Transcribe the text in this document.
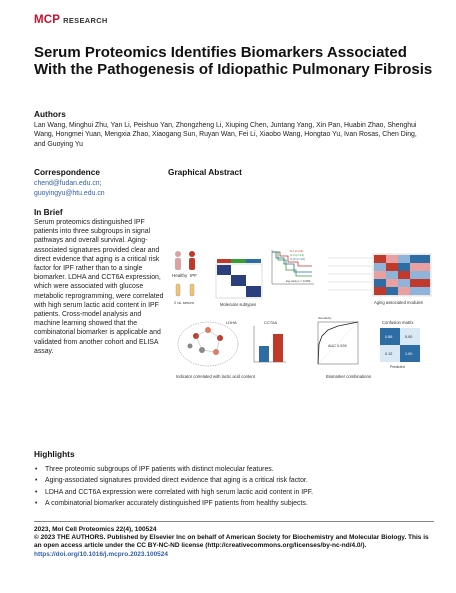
MCP RESEARCH
Serum Proteomics Identifies Biomarkers Associated With the Pathogenesis of Idiopathic Pulmonary Fibrosis
Authors
Lan Wang, Minghui Zhu, Yan Li, Peishuo Yan, Zhongzheng Li, Xiuping Chen, Juntang Yang, Xin Pan, Huabin Zhao, Shenghui Wang, Hongmei Yuan, Mengxia Zhao, Xiaogang Sun, Ruyan Wan, Fei Li, Xiaobo Wang, Hongtao Yu, Ivan Rosas, Chen Ding, and Guoying Yu
Correspondence
chend@fudan.edu.cn;
guoyingyu@htu.edu.cn
Graphical Abstract
In Brief
Serum proteomics distinguished IPF patients into three subgroups in signal pathways and overall survival. Aging-associated signatures provided clear and direct evidence that aging is a critical risk factor for IPF rather than to a single biomarker. LDHA and CCT6A expression, which were associated with glucose metabolic reprogramming, were correlated with high serum lactic acid content in IPF patients. Cross-model analysis and machine learning showed that the combinatorial biomarker is applicable and validated from another cohort and ELISA assay.
Healthy IPF
2 uL serum	Molecular subtypes
S-I (n=14)
S-II (n=14)
S-III (n=16)
log-rank p = 0.039
Aging associated modules
CCT6A
LDHA
Indicator correlated with lactic acid content
AUC 0.926
Sensitivity
0.88	0.00
0.12	1.00
Confusion matrix
Predicted
Biomarker combinations
Highlights
• Three proteomic subgroups of IPF patients with distinct molecular features.
• Aging-associated signatures provided direct evidence that aging is a critical risk factor.
• LDHA and CCT6A expression were correlated with high serum lactic acid content in IPF.
• A combinatorial biomarker accurately distinguished IPF patients from healthy subjects.
2023, Mol Cell Proteomics 22(4), 100524
© 2023 THE AUTHORS. Published by Elsevier Inc on behalf of American Society for Biochemistry and Molecular Biology. This is an open access article under the CC BY-NC-ND license (http://creativecommons.org/licenses/by-nc-nd/4.0/).
https://doi.org/10.1016/j.mcpro.2023.100524
